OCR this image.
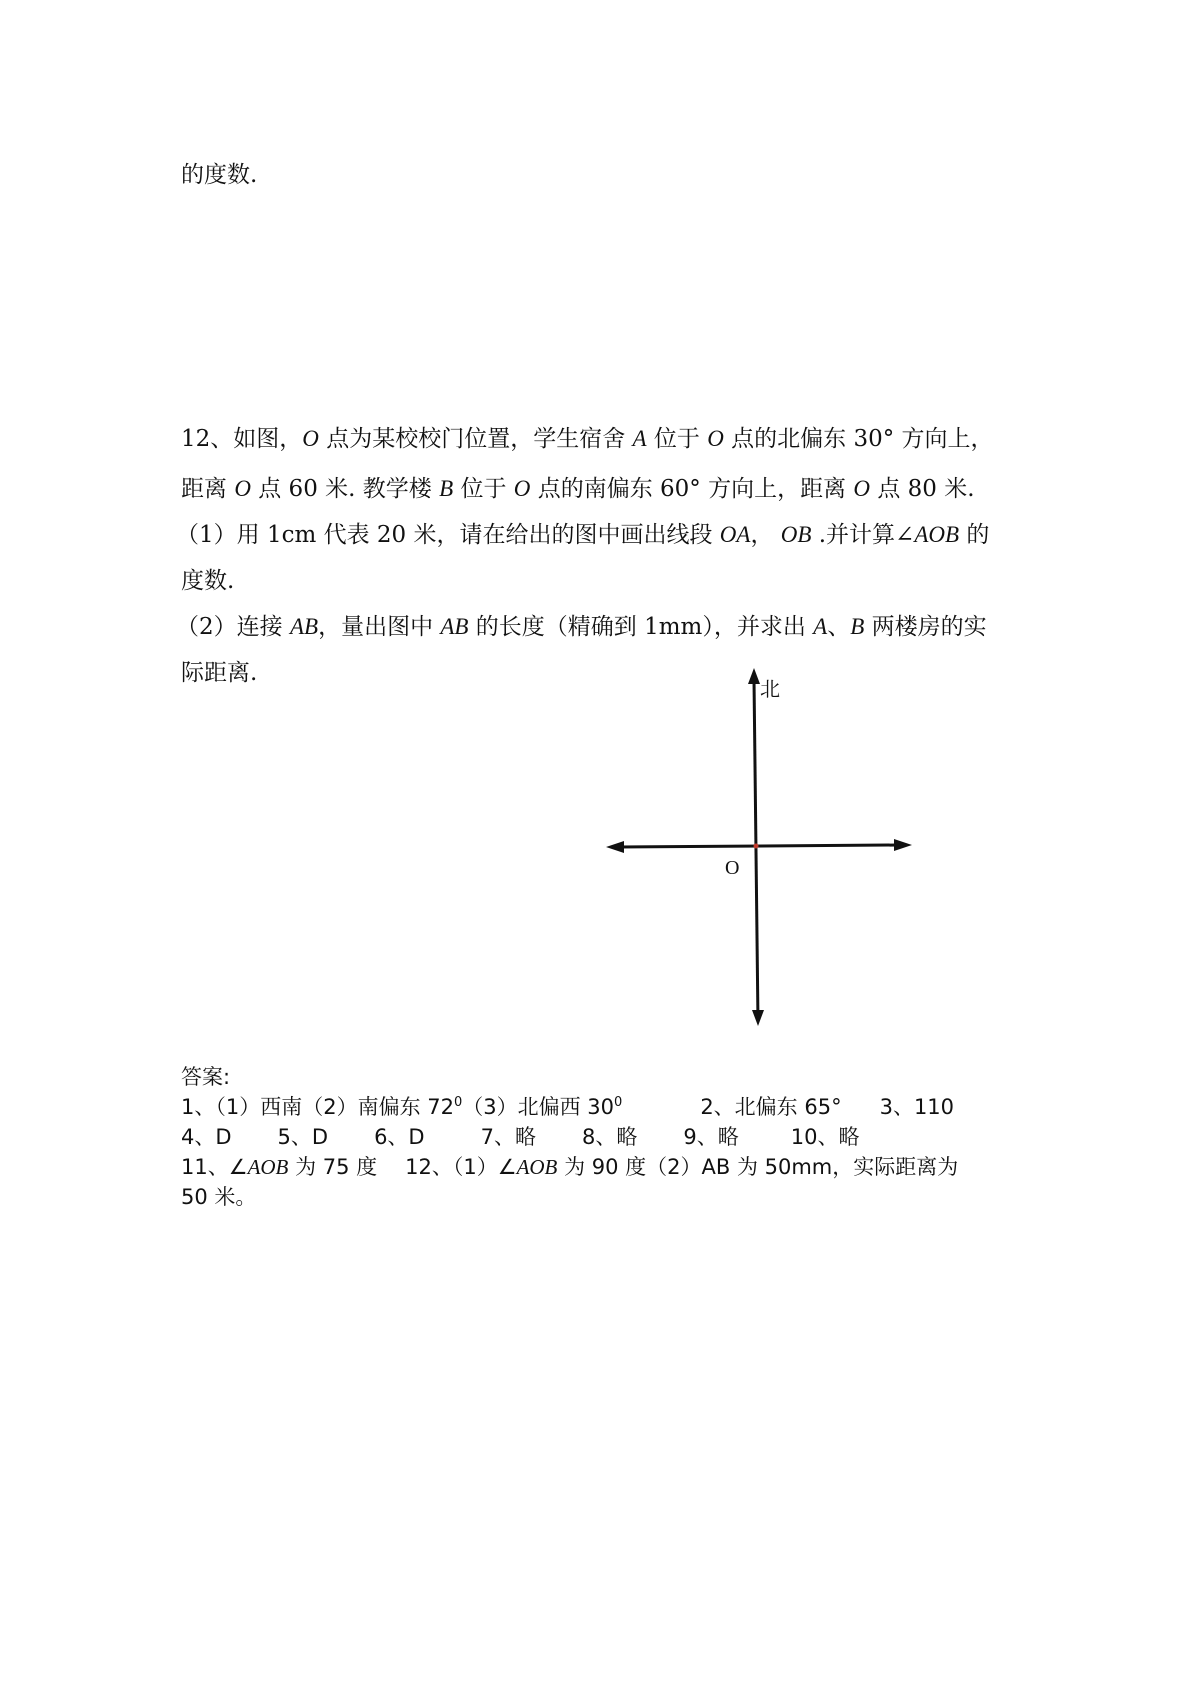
的度数.
12、如图，O 点为某校校门位置，学生宿舍 A 位于 O 点的北偏东 30° 方向上，
距离 O 点 60 米. 教学楼 B 位于 O 点的南偏东 60° 方向上，距离 O 点 80 米.
（1）用 1cm 代表 20 米，请在给出的图中画出线段 OA， OB .并计算∠AOB 的
度数.
（2）连接 AB，量出图中 AB 的长度（精确到 1mm），并求出 A、B 两楼房的实
际距离.
北
O
答案:
1、（1）西南（2）南偏东 $72^0(3)$北偏西 $30^0$	2、北偏东 65° 3、110
4、D 5、D 6、D	7、略 8、略 9、略 10、略
11、∠AOB 为 75 度 12、（1）∠AOB 为 90 度（2）AB 为 50mm，实际距离为
50 米。
